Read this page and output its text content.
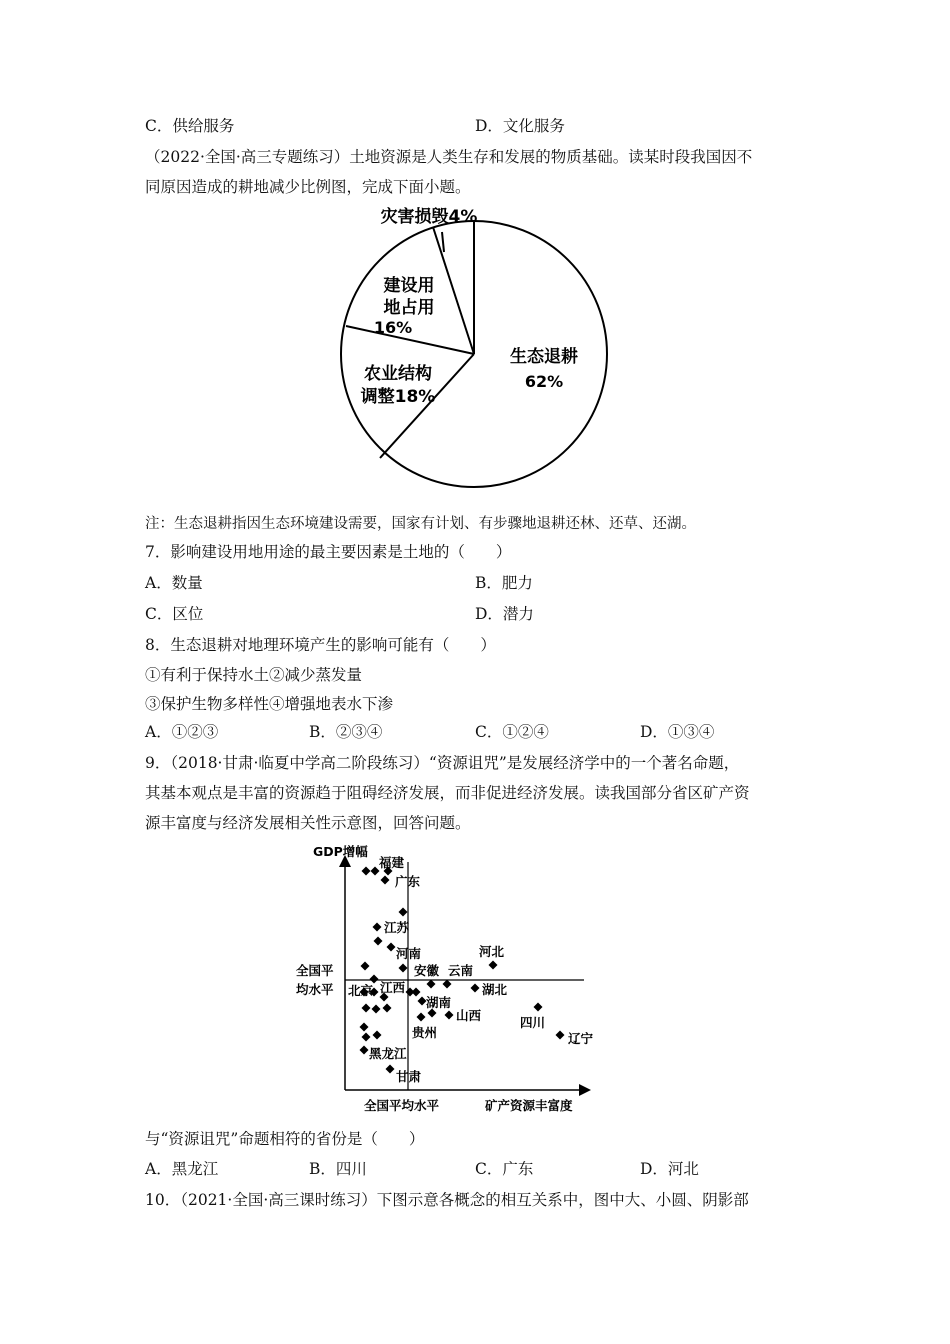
C．供给服务	D．文化服务
（2022·全国·高三专题练习）土地资源是人类生存和发展的物质基础。读某时段我国因不
同原因造成的耕地减少比例图，完成下面小题。
生态退耕
62%
农业结构
调整18%
建设用
地占用
16%
灾害损毁4%
注：生态退耕指因生态环境建设需要，国家有计划、有步骤地退耕还林、还草、还湖。
7．影响建设用地用途的最主要因素是土地的（　　）
A．数量	B．肥力
C．区位	D．潜力
8．生态退耕对地理环境产生的影响可能有（　　）
①有利于保持水土②减少蒸发量
③保护生物多样性④增强地表水下渗
A．①②③	B．②③④	C．①②④	D．①③④
9．（2018·甘肃·临夏中学高二阶段练习）“资源诅咒”是发展经济学中的一个著名命题，
其基本观点是丰富的资源趋于阻碍经济发展，而非促进经济发展。读我国部分省区矿产资
源丰富度与经济发展相关性示意图，回答问题。
GDP增幅
矿产资源丰富度
全国平均水平
全国平
均水平
福建
广东
江苏
河南
安徽 云南
河北
北京 江西
湖南
湖北
山西	四川
辽宁
贵州
黑龙江
甘肃
与“资源诅咒”命题相符的省份是（　　）
A．黑龙江	B．四川	C．广东	D．河北
10．（2021·全国·高三课时练习）下图示意各概念的相互关系中，图中大、小圆、阴影部
